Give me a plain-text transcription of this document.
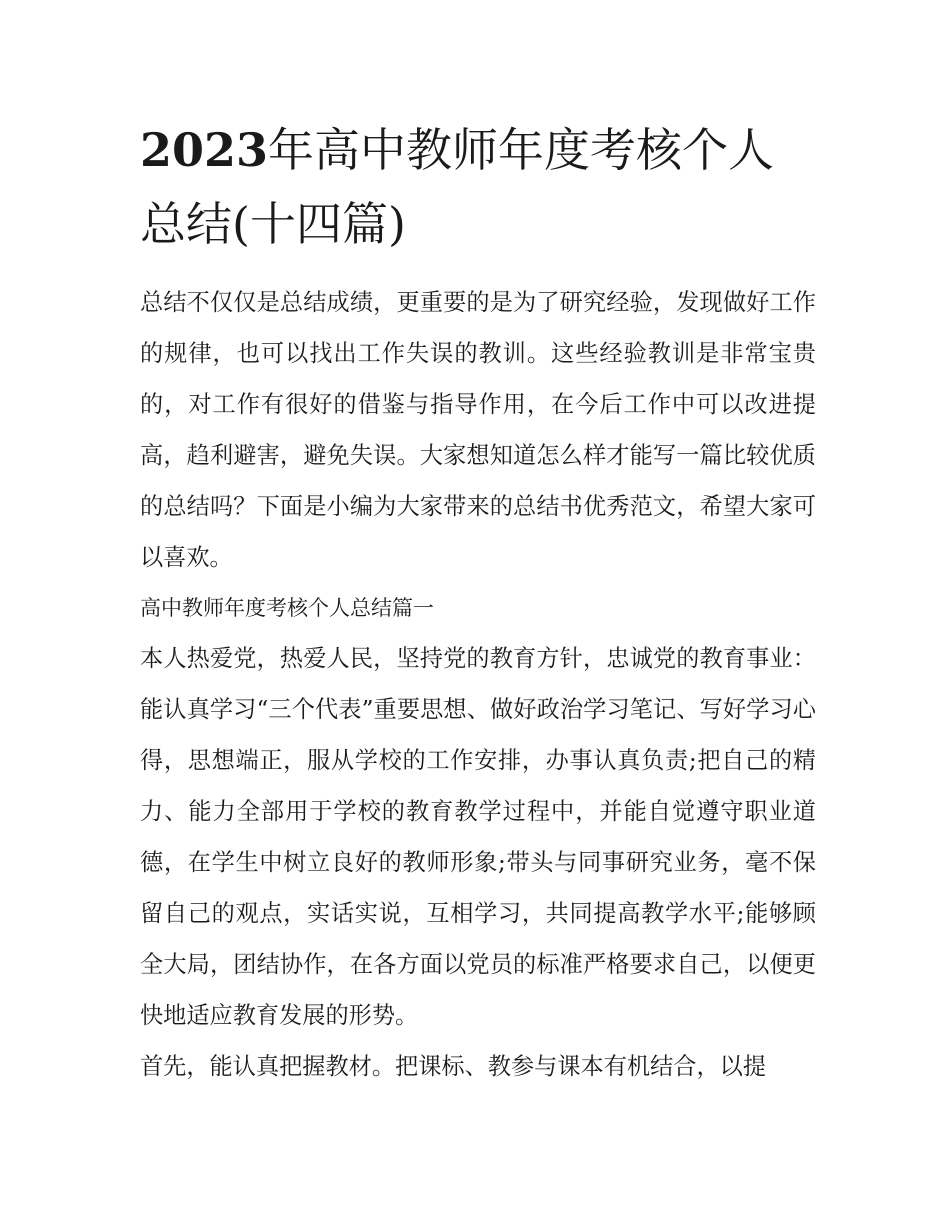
2023年高中教师年度考核个人总结(十四篇)

总结不仅仅是总结成绩，更重要的是为了研究经验，发现做好工作的规律，也可以找出工作失误的教训。这些经验教训是非常宝贵的，对工作有很好的借鉴与指导作用，在今后工作中可以改进提高，趋利避害，避免失误。大家想知道怎么样才能写一篇比较优质的总结吗？下面是小编为大家带来的总结书优秀范文，希望大家可以喜欢。

高中教师年度考核个人总结篇一

本人热爱党，热爱人民，坚持党的教育方针，忠诚党的教育事业：能认真学习“三个代表”重要思想、做好政治学习笔记、写好学习心得，思想端正，服从学校的工作安排，办事认真负责;把自己的精力、能力全部用于学校的教育教学过程中，并能自觉遵守职业道德，在学生中树立良好的教师形象;带头与同事研究业务，毫不保留自己的观点，实话实说，互相学习，共同提高教学水平;能够顾全大局，团结协作，在各方面以党员的标准严格要求自己，以便更快地适应教育发展的形势。

首先，能认真把握教材。把课标、教参与课本有机结合，以提
